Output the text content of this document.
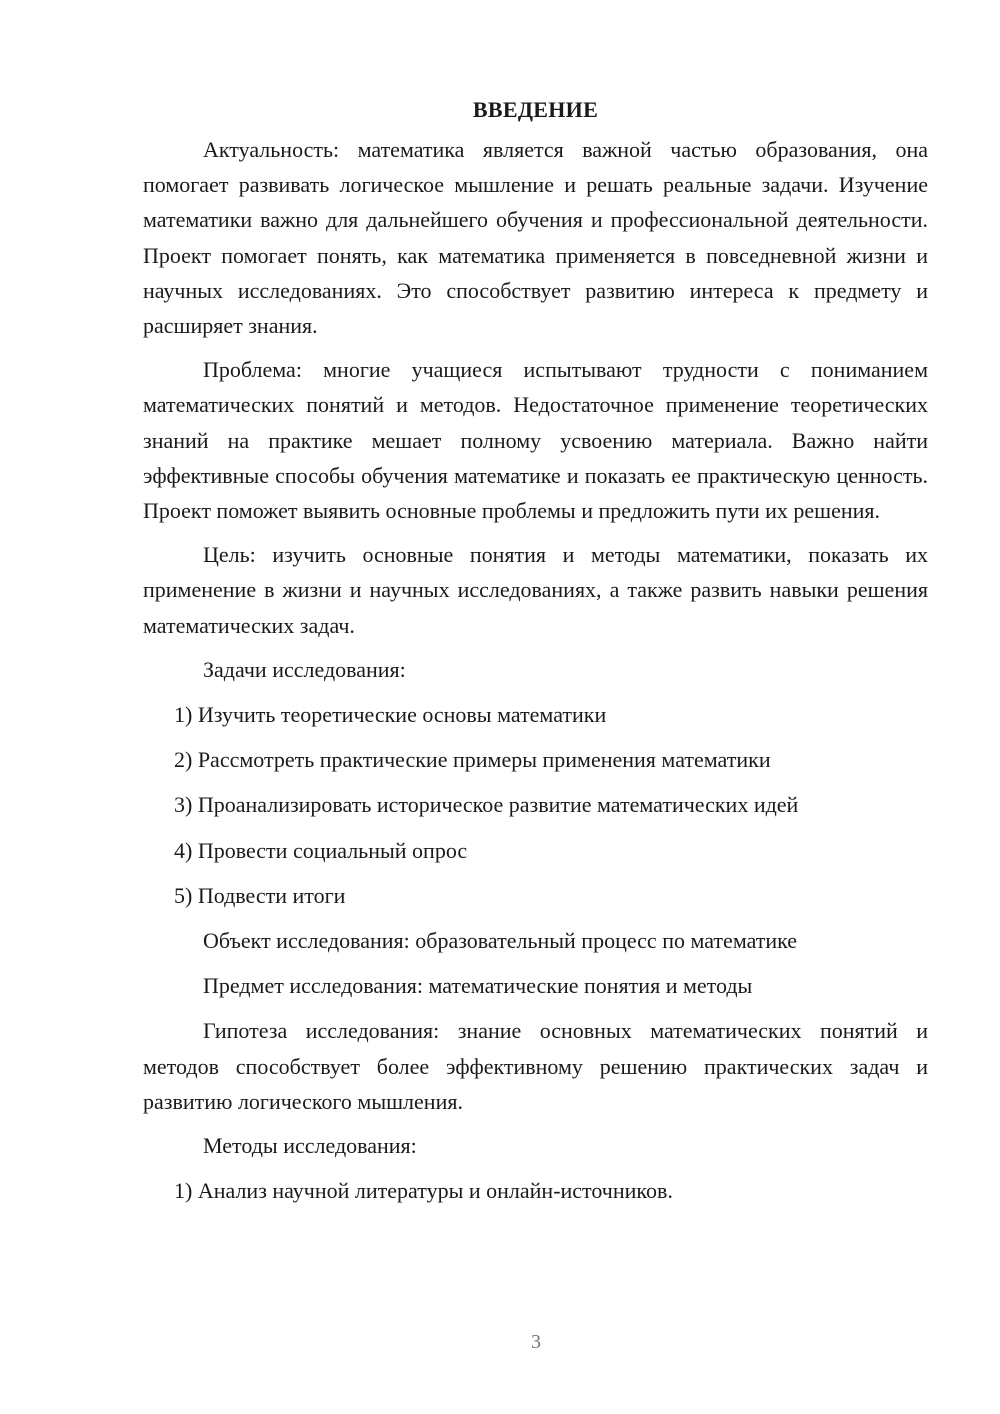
ВВЕДЕНИЕ

Актуальность: математика является важной частью образования, она помогает развивать логическое мышление и решать реальные задачи. Изучение математики важно для дальнейшего обучения и профессиональной деятельности. Проект помогает понять, как математика применяется в повседневной жизни и научных исследованиях. Это способствует развитию интереса к предмету и расширяет знания.

Проблема: многие учащиеся испытывают трудности с пониманием математических понятий и методов. Недостаточное применение теоретических знаний на практике мешает полному усвоению материала. Важно найти эффективные способы обучения математике и показать ее практическую ценность. Проект поможет выявить основные проблемы и предложить пути их решения.

Цель: изучить основные понятия и методы математики, показать их применение в жизни и научных исследованиях, а также развить навыки решения математических задач.

Задачи исследования:

1) Изучить теоретические основы математики
2) Рассмотреть практические примеры применения математики
3) Проанализировать историческое развитие математических идей
4) Провести социальный опрос
5) Подвести итоги

Объект исследования: образовательный процесс по математике

Предмет исследования: математические понятия и методы

Гипотеза исследования: знание основных математических понятий и методов способствует более эффективному решению практических задач и развитию логического мышления.

Методы исследования:

1) Анализ научной литературы и онлайн-источников.
3
